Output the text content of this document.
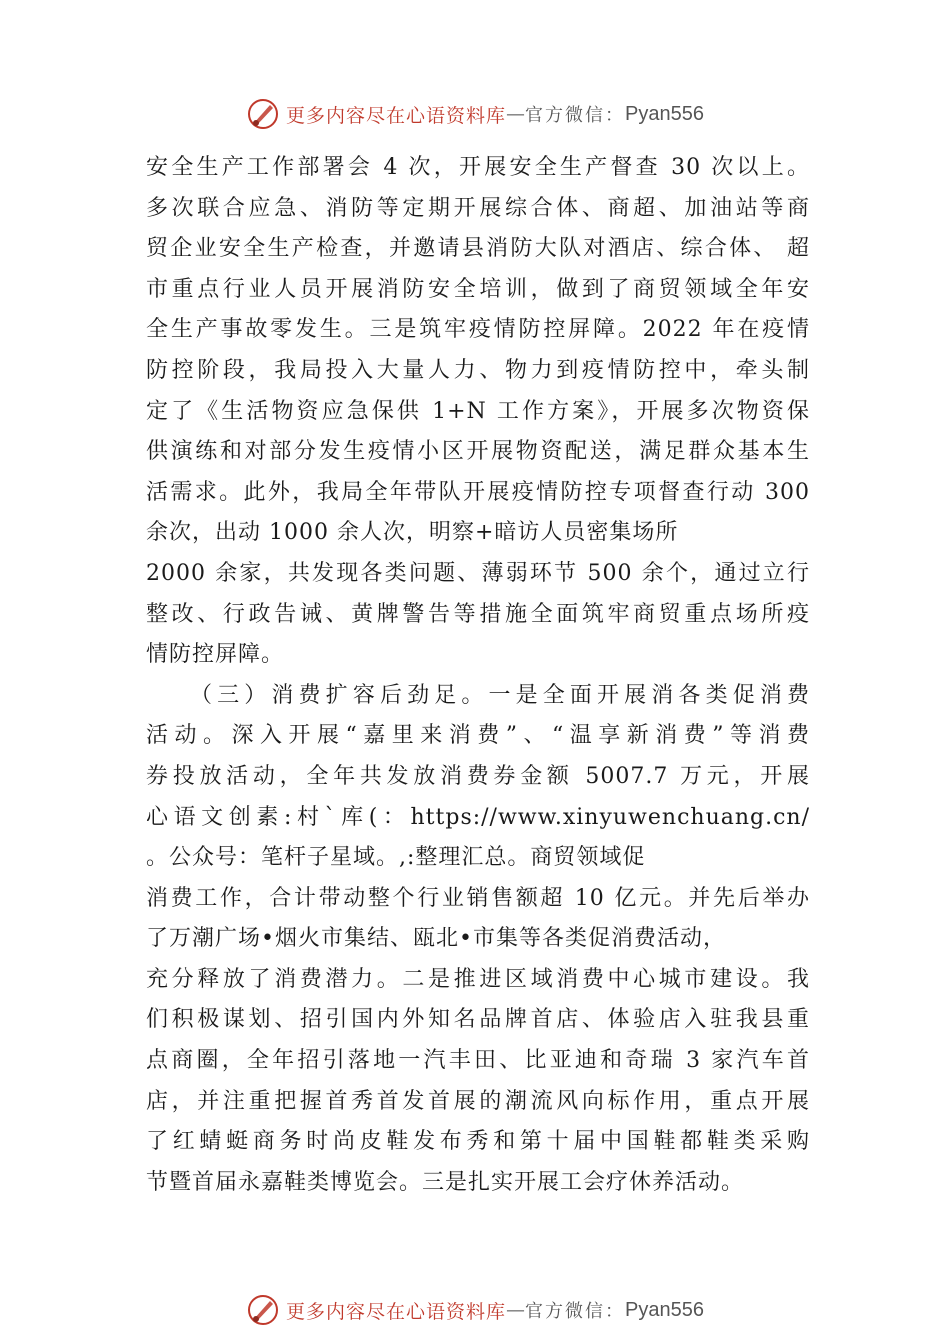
更多内容尽在心语资料库 — 官方微信： Pyan556
安全生产工作部署会 4 次，开展安全生产督查 30 次以上。
多次联合应急、消防等定期开展综合体、商超、加油站等商
贸企业安全生产检查，并邀请县消防大队对酒店、综合体、 超
市重点行业人员开展消防安全培训，做到了商贸领域全年安
全生产事故零发生。三是筑牢疫情防控屏障。2022 年在疫情
防控阶段，我局投入大量人力、物力到疫情防控中，牵头制
定了《生活物资应急保供 1+N 工作方案》，开展多次物资保
供演练和对部分发生疫情小区开展物资配送，满足群众基本生
活需求。此外，我局全年带队开展疫情防控专项督查行动 300
余次，出动 1000 余人次，明察+暗访人员密集场所
2000 余家，共发现各类问题、薄弱环节 500 余个，通过立行
整改、行政告诫、黄牌警告等措施全面筑牢商贸重点场所疫
情防控屏障。
（三）消费扩容后劲足。一是全面开展消各类促消费
活动。深入开展“嘉里来消费”、“温享新消费”等消费
券投放活动，全年共发放消费券金额 5007.7 万元，开展
心语文创素:村`库(：https://www.xinyuwenchuang.cn/
。公众号：笔杆子星域。,:整理汇总。商贸领域促
消费工作，合计带动整个行业销售额超 10 亿元。并先后举办
了万潮广场•烟火市集结、瓯北•市集等各类促消费活动，
充分释放了消费潜力。二是推进区域消费中心城市建设。我
们积极谋划、招引国内外知名品牌首店、体验店入驻我县重
点商圈，全年招引落地一汽丰田、比亚迪和奇瑞 3 家汽车首
店，并注重把握首秀首发首展的潮流风向标作用，重点开展
了红蜻蜓商务时尚皮鞋发布秀和第十届中国鞋都鞋类采购
节暨首届永嘉鞋类博览会。三是扎实开展工会疗休养活动。
更多内容尽在心语资料库 — 官方微信： Pyan556
